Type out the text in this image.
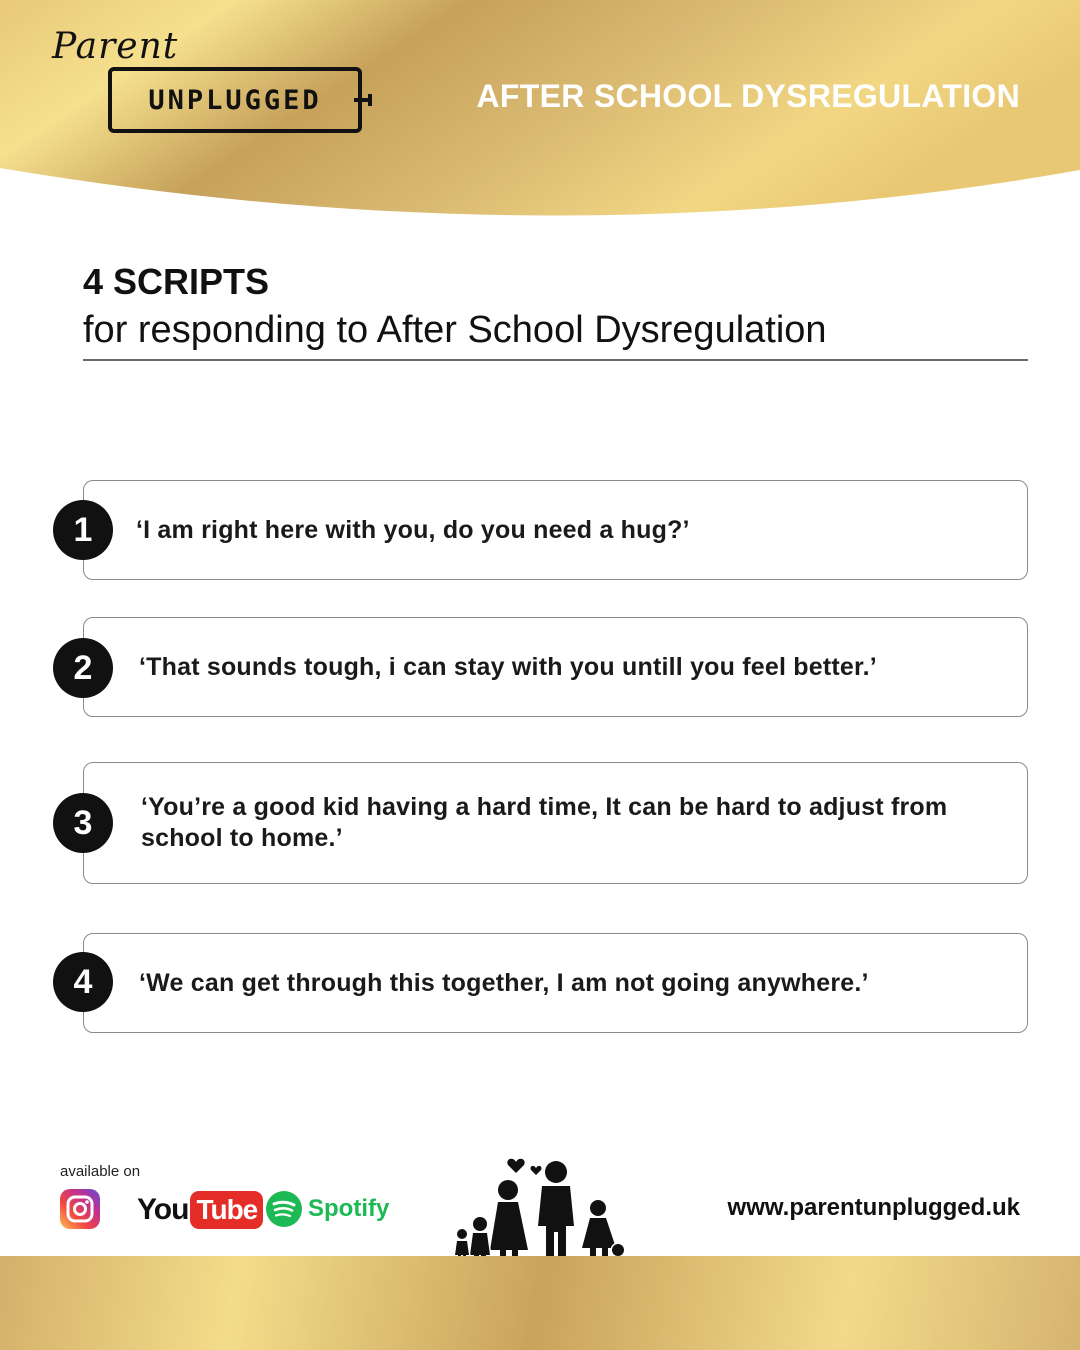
Parent
UNPLUGGED	AFTER SCHOOL DYSREGULATION
4 SCRIPTS
for responding to After School Dysregulation
‘I am right here with you, do you need a hug?’
1
‘That sounds tough, i can stay with you untill you feel better.’
2
‘You’re a good kid having a hard time, It can be hard to adjust from school to home.’
3
‘We can get through this together, I am not going anywhere.’
4
available on
You Tube Spotify	www.parentunplugged.uk
